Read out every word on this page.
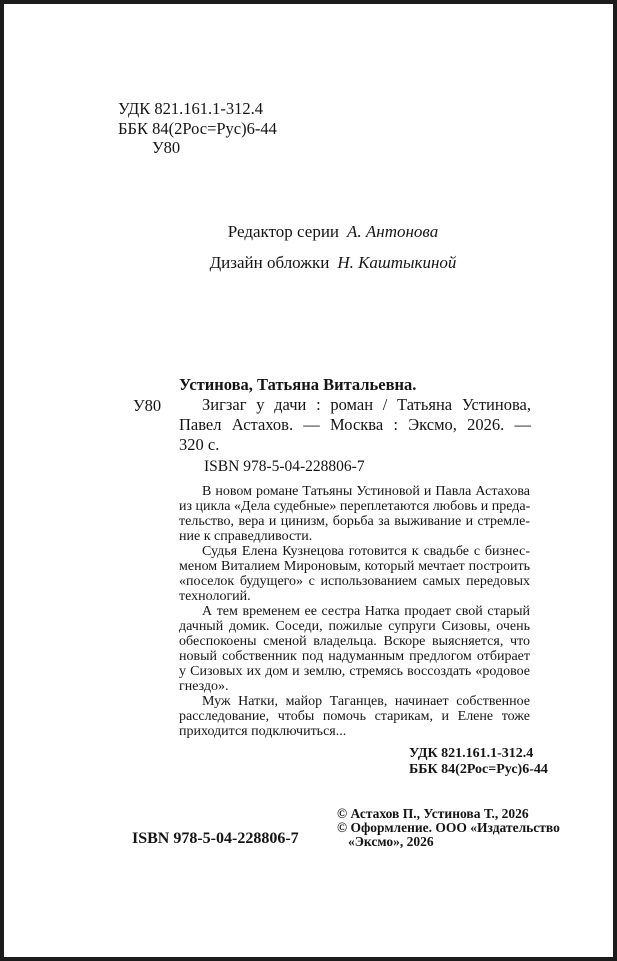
УДК 821.161.1-312.4
ББК 84(2Рос=Рус)6-44
У80
Редактор серии А. Антонова
Дизайн обложки Н. Каштыкиной
У80
Устинова, Татьяна Витальевна.
Зигзаг у дачи : роман / Татьяна Устинова,
Павел Астахов. — Москва : Эксмо, 2026. —
320 с.
ISBN 978-5-04-228806-7
В новом романе Татьяны Устиновой и Павла Астахова
из цикла «Дела судебные» переплетаются любовь и преда-
тельство, вера и цинизм, борьба за выживание и стремле-
ние к справедливости.
Судья Елена Кузнецова готовится к свадьбе с бизнес-
меном Виталием Мироновым, который мечтает построить
«поселок будущего» с использованием самых передовых
технологий.
А тем временем ее сестра Натка продает свой старый
дачный домик. Соседи, пожилые супруги Сизовы, очень
обеспокоены сменой владельца. Вскоре выясняется, что
новый собственник под надуманным предлогом отбирает
у Сизовых их дом и землю, стремясь воссоздать «родовое
гнездо».
Муж Натки, майор Таганцев, начинает собственное
расследование, чтобы помочь старикам, и Елене тоже
приходится подключиться...
УДК 821.161.1-312.4
ББК 84(2Рос=Рус)6-44
© Астахов П., Устинова Т., 2026
© Оформление. ООО «Издательство
«Эксмо», 2026
ISBN 978-5-04-228806-7
